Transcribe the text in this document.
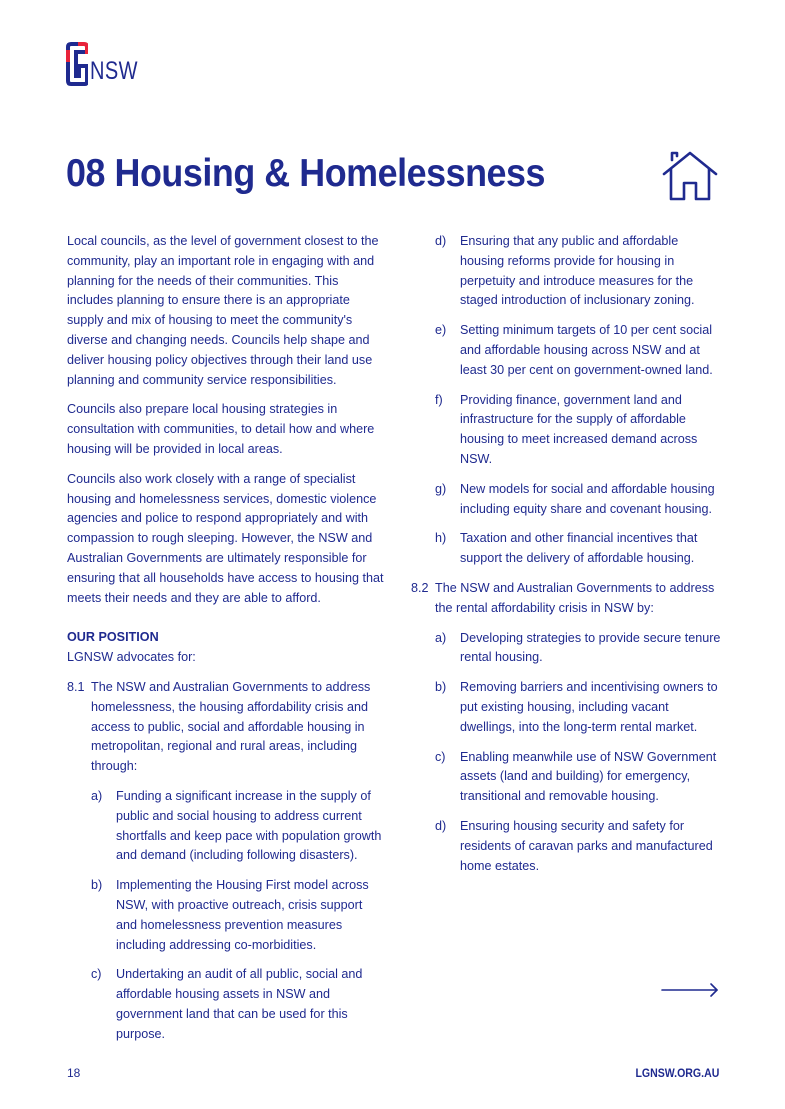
NSW
08 Housing & Homelessness

Local councils, as the level of government closest to the community, play an important role in engaging with and planning for the needs of their communities. This includes planning to ensure there is an appropriate supply and mix of housing to meet the community's diverse and changing needs. Councils help shape and deliver housing policy objectives through their land use planning and community service responsibilities.

Councils also prepare local housing strategies in consultation with communities, to detail how and where housing will be provided in local areas.

Councils also work closely with a range of specialist housing and homelessness services, domestic violence agencies and police to respond appropriately and with compassion to rough sleeping. However, the NSW and Australian Governments are ultimately responsible for ensuring that all households have access to housing that meets their needs and they are able to afford.

OUR POSITION
LGNSW advocates for:
8.1 The NSW and Australian Governments to address homelessness, the housing affordability crisis and access to public, social and affordable housing in metropolitan, regional and rural areas, including through:
a) Funding a significant increase in the supply of public and social housing to address current shortfalls and keep pace with population growth and demand (including following disasters).
b) Implementing the Housing First model across NSW, with proactive outreach, crisis support and homelessness prevention measures including addressing co-morbidities.
c) Undertaking an audit of all public, social and affordable housing assets in NSW and government land that can be used for this purpose.
d) Ensuring that any public and affordable housing reforms provide for housing in perpetuity and introduce measures for the staged introduction of inclusionary zoning.
e) Setting minimum targets of 10 per cent social and affordable housing across NSW and at least 30 per cent on government-owned land.
f) Providing finance, government land and infrastructure for the supply of affordable housing to meet increased demand across NSW.
g) New models for social and affordable housing including equity share and covenant housing.
h) Taxation and other financial incentives that support the delivery of affordable housing.
8.2 The NSW and Australian Governments to address the rental affordability crisis in NSW by:
a) Developing strategies to provide secure tenure rental housing.
b) Removing barriers and incentivising owners to put existing housing, including vacant dwellings, into the long-term rental market.
c) Enabling meanwhile use of NSW Government assets (land and building) for emergency, transitional and removable housing.
d) Ensuring housing security and safety for residents of caravan parks and manufactured home estates.
18	LGNSW.ORG.AU
